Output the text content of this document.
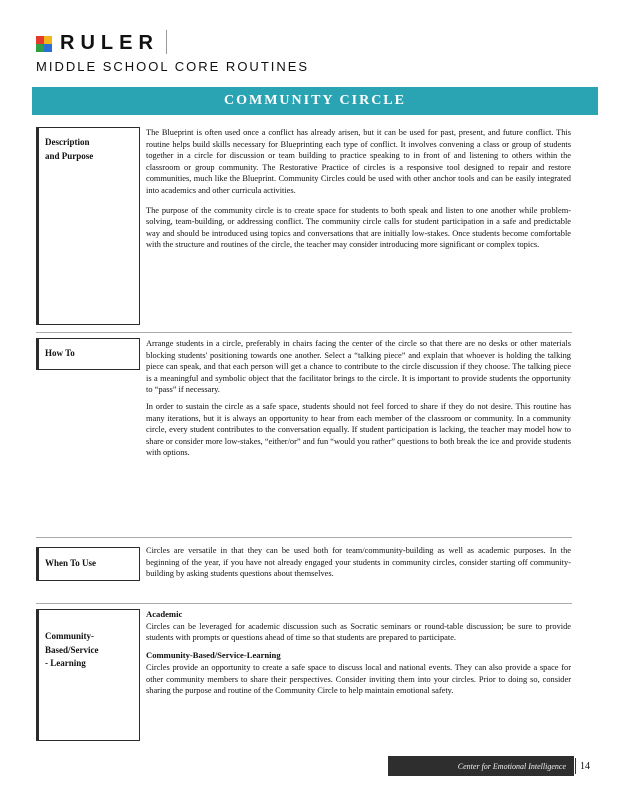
RULER
MIDDLE SCHOOL CORE ROUTINES
COMMUNITY CIRCLE
Description
and Purpose

The Blueprint is often used once a conflict has already arisen, but it can be used for past, present, and future conflict. This routine helps build skills necessary for Blueprinting each type of conflict. It involves convening a class or group of students together in a circle for discussion or team building to practice speaking to in front of and listening to others within the classroom or group community. The Restorative Practice of circles is a responsive tool designed to repair and restore communities, much like the Blueprint. Community Circles could be used with other anchor tools and can be easily integrated into academics and other curricula activities.

The purpose of the community circle is to create space for students to both speak and listen to one another while problem-solving, team-building, or addressing conflict. The community circle calls for student participation in a safe and predictable way and should be introduced using topics and conversations that are initially low-stakes. Once students become comfortable with the structure and routines of the circle, the teacher may consider introducing more significant or complex topics.

How To

Arrange students in a circle, preferably in chairs facing the center of the circle so that there are no desks or other materials blocking students' positioning towards one another. Select a “talking piece” and explain that whoever is holding the talking piece can speak, and that each person will get a chance to contribute to the circle discussion if they choose. The talking piece is a meaningful and symbolic object that the facilitator brings to the circle. It is important to provide students the opportunity to “pass” if necessary.

In order to sustain the circle as a safe space, students should not feel forced to share if they do not desire. This routine has many iterations, but it is always an opportunity to hear from each member of the classroom or community. In a community circle, every student contributes to the conversation equally. If student participation is lacking, the teacher may model how to share or consider more low-stakes, “either/or” and fun “would you rather” questions to both break the ice and provide students with options.

When To Use

Circles are versatile in that they can be used both for team/community-building as well as academic purposes. In the beginning of the year, if you have not already engaged your students in community circles, consider starting off community-building by asking students questions about themselves.

Community-
Based/Service
- Learning
Academic

Circles can be leveraged for academic discussion such as Socratic seminars or round-table discussion; be sure to provide students with prompts or questions ahead of time so that students are prepared to participate.

Community-Based/Service-Learning

Circles provide an opportunity to create a safe space to discuss local and national events. They can also provide a space for other community members to share their perspectives. Consider inviting them into your circles. Prior to doing so, consider sharing the purpose and routine of the Community Circle to help maintain emotional safety.

Center for Emotional Intelligence 14
